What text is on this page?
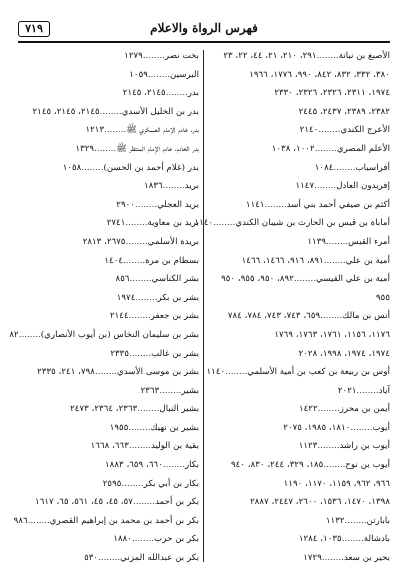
٧١٩	فهرس الرواة والاعلام
الأصبغ بن نباتة........٢٩١، ٢١٠، ٢١، ٤٤، ٢٢، ٢٣
٣٨٠، ٣٣٢، ٨٣٢، ٨٤٢، ٩٩٠، ١٧٧٦، ١٩٦٦
١٩٧٤، ٢٣١١، ٢٣٢٦، ٢٣٢٦، ٢٣٣٠
٢٣٨٢، ٢٣٨٩، ٢٤٣٧، ٢٤٤٥
الأعرج الكندي........٢١٤٠
الأعلم المصري........١٠٠٢، ١٠٣٨
أفراسياب........١٠٨٤
إفريدون العادل........١١٤٧
أكثم بن صيفي أحمد بني أسد........١١٤١
أماباة بن قيس بن الحارث بن شيبان الكندي........١١٤٠
أمرء القيس........١١٣٩
أمية بن علي........٨٩١، ٩١٦، ١٤٦٦، ١٤٦٦
أمية بن علي القيسي........٨٩٢، ٩٥٠، ٩٥٥، ٩٥٠
٩٥٥
أنس بن مالك........٦٥٩، ٧٤٣، ٧٤٣، ٧٨٤، ٧٨٤
١١٧٦، ١١٥٦، ١٧٦١، ١٧٦٣، ١٧٦٩
١٩٧٤، ١٩٧٤، ١٩٩٨، ٢٠٢٨
أوس بن ربيعة بن كعب بن أمية الأسلمي........١١٤٠
آياد........٢٠٢١
أيمن بن محرز........١٤٢٢
أيوب........١٨١٠، ١٩٨٥، ٢٠٧٥
أيوب بن راشد........١١٢٣
أيوب بن نوح........١٨٥، ٣٢٩، ٢٤٤، ٨٣٠، ٩٤٠
٩٦٦، ٩٦٢، ١١٥٩، ١١٧٠، ١١٩٠
١٣٩٨، ١٤٧٠، ١٥٣٦، ٢٦٠٠، ٢٤٤٧، ٢٨٨٧
بابارتن........١١٣٢
بادشالة........١٠٣٥، ١٢٨٤
بحير بن سعد........١٧٢٩
بخت نصر........١٢٧٩
البرسين........١٠٥٩
بدر........٢١٤٥، ٢١٤٥
بدر بن الخليل الأسدي........٢١٤٥، ٢١٤٥، ٢١٤٥
بدر، خادم الإمام العسكري ﷺ........١٢١٣
بدر الخادم، خادم الإمام المنتظر ﷺ........١٣٢٩
بدر (غلام أحمد بن الحسن)........١٠٥٨
بريد........١٨٣٦
بريد العجلي........٢٩٠٠
بريد بن معاوية........٢٧٤١
بريدة الأسلمي........٢٦٧٥، ٢٨١٣
بسطام بن مرة........١٤٠٤
بشر الكناسي........٨٥٦
بشر بن بكر........١٩٧٤
بشر بن جعفر........٢١٤٤
بشر بن سليمان النخاس (بن أيوب الأنصاري)........٨٢
بشر بن غالب........٢٣٣٥
بشر بن موسى الأسدي........٧٩٨، ٢٤١، ٢٣٣٥
بشير........٢٣٦٣
بشير النبال........٢٣٦٣، ٢٣٦٤، ٢٤٧٣
بشير بن نهيك........١٩٥٥
بقية بن الوليد........٦٦٣، ١٦٦٨
بكار........٦٦٠، ٦٥٩، ١٨٨٣
بكار بن أبي بكر........٢٥٩٥
بكر بن أحمد........٥٧، ٤٥، ٤٥، ٥٦١، ٦٥، ١٦١٧
بكر بن أحمد بن محمد بن إبراهيم القصري........٩٨٦
بكر بن حرب........١٨٨٠
بكر بن عبدالله المزني........٥٣٠
